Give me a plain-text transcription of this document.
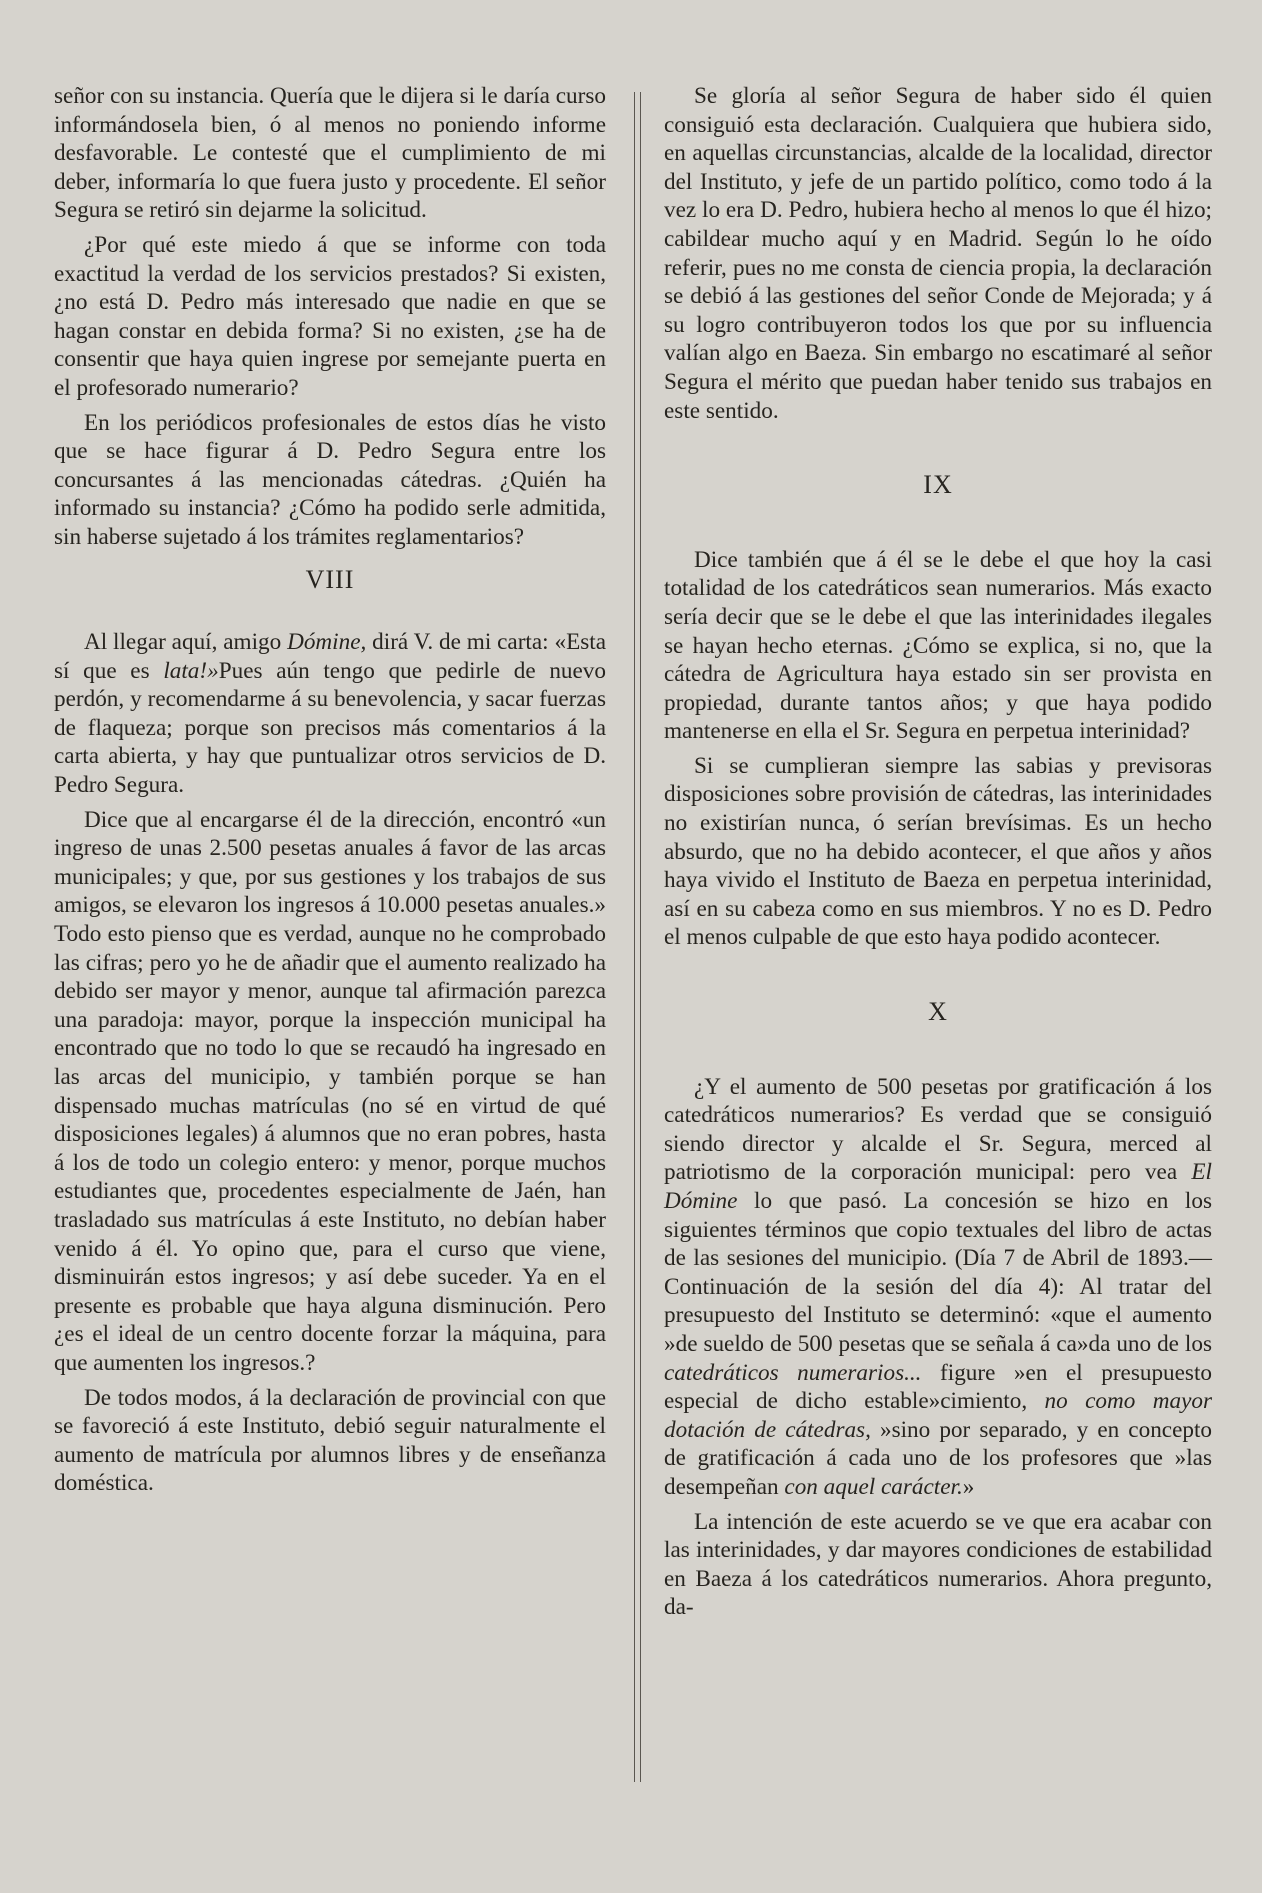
señor con su instancia. Quería que le dijera si le daría curso informándosela bien, ó al menos no poniendo informe desfavorable. Le contesté que el cumplimiento de mi deber, informaría lo que fuera justo y procedente. El señor Segura se retiró sin dejarme la solicitud.

¿Por qué este miedo á que se informe con toda exactitud la verdad de los servicios prestados? Si existen, ¿no está D. Pedro más interesado que nadie en que se hagan constar en debida forma? Si no existen, ¿se ha de consentir que haya quien ingrese por semejante puerta en el profesorado numerario?

En los periódicos profesionales de estos días he visto que se hace figurar á D. Pedro Segura entre los concursantes á las mencionadas cátedras. ¿Quién ha informado su instancia? ¿Cómo ha podido serle admitida, sin haberse sujetado á los trámites reglamentarios?

VIII

Al llegar aquí, amigo Dómine, dirá V. de mi carta: «Esta sí que es lata!»Pues aún tengo que pedirle de nuevo perdón, y recomendarme á su benevolencia, y sacar fuerzas de flaqueza; porque son precisos más comentarios á la carta abierta, y hay que puntualizar otros servicios de D. Pedro Segura.

Dice que al encargarse él de la dirección, encontró «un ingreso de unas 2.500 pesetas anuales á favor de las arcas municipales; y que, por sus gestiones y los trabajos de sus amigos, se elevaron los ingresos á 10.000 pesetas anuales.» Todo esto pienso que es verdad, aunque no he comprobado las cifras; pero yo he de añadir que el aumento realizado ha debido ser mayor y menor, aunque tal afirmación parezca una paradoja: mayor, porque la inspección municipal ha encontrado que no todo lo que se recaudó ha ingresado en las arcas del municipio, y también porque se han dispensado muchas matrículas (no sé en virtud de qué disposiciones legales) á alumnos que no eran pobres, hasta á los de todo un colegio entero: y menor, porque muchos estudiantes que, procedentes especialmente de Jaén, han trasladado sus matrículas á este Instituto, no debían haber venido á él. Yo opino que, para el curso que viene, disminuirán estos ingresos; y así debe suceder. Ya en el presente es probable que haya alguna disminución. Pero ¿es el ideal de un centro docente forzar la máquina, para que aumenten los ingresos.?

De todos modos, á la declaración de provincial con que se favoreció á este Instituto, debió seguir naturalmente el aumento de matrícula por alumnos libres y de enseñanza doméstica.

Se gloría al señor Segura de haber sido él quien consiguió esta declaración. Cualquiera que hubiera sido, en aquellas circunstancias, alcalde de la localidad, director del Instituto, y jefe de un partido político, como todo á la vez lo era D. Pedro, hubiera hecho al menos lo que él hizo; cabildear mucho aquí y en Madrid. Según lo he oído referir, pues no me consta de ciencia propia, la declaración se debió á las gestiones del señor Conde de Mejorada; y á su logro contribuyeron todos los que por su influencia valían algo en Baeza. Sin embargo no escatimaré al señor Segura el mérito que puedan haber tenido sus trabajos en este sentido.

IX

Dice también que á él se le debe el que hoy la casi totalidad de los catedráticos sean numerarios. Más exacto sería decir que se le debe el que las interinidades ilegales se hayan hecho eternas. ¿Cómo se explica, si no, que la cátedra de Agricultura haya estado sin ser provista en propiedad, durante tantos años; y que haya podido mantenerse en ella el Sr. Segura en perpetua interinidad?

Si se cumplieran siempre las sabias y previsoras disposiciones sobre provisión de cátedras, las interinidades no existirían nunca, ó serían brevísimas. Es un hecho absurdo, que no ha debido acontecer, el que años y años haya vivido el Instituto de Baeza en perpetua interinidad, así en su cabeza como en sus miembros. Y no es D. Pedro el menos culpable de que esto haya podido acontecer.

X

¿Y el aumento de 500 pesetas por gratificación á los catedráticos numerarios? Es verdad que se consiguió siendo director y alcalde el Sr. Segura, merced al patriotismo de la corporación municipal: pero vea El Dómine lo que pasó. La concesión se hizo en los siguientes términos que copio textuales del libro de actas de las sesiones del municipio. (Día 7 de Abril de 1893.—Continuación de la sesión del día 4): Al tratar del presupuesto del Instituto se determinó: «que el aumento »de sueldo de 500 pesetas que se señala á ca»da uno de los catedráticos numerarios... figure »en el presupuesto especial de dicho estable»cimiento, no como mayor dotación de cátedras, »sino por separado, y en concepto de gratificación á cada uno de los profesores que »las desempeñan con aquel carácter.»

La intención de este acuerdo se ve que era acabar con las interinidades, y dar mayores condiciones de estabilidad en Baeza á los catedráticos numerarios. Ahora pregunto, da-
